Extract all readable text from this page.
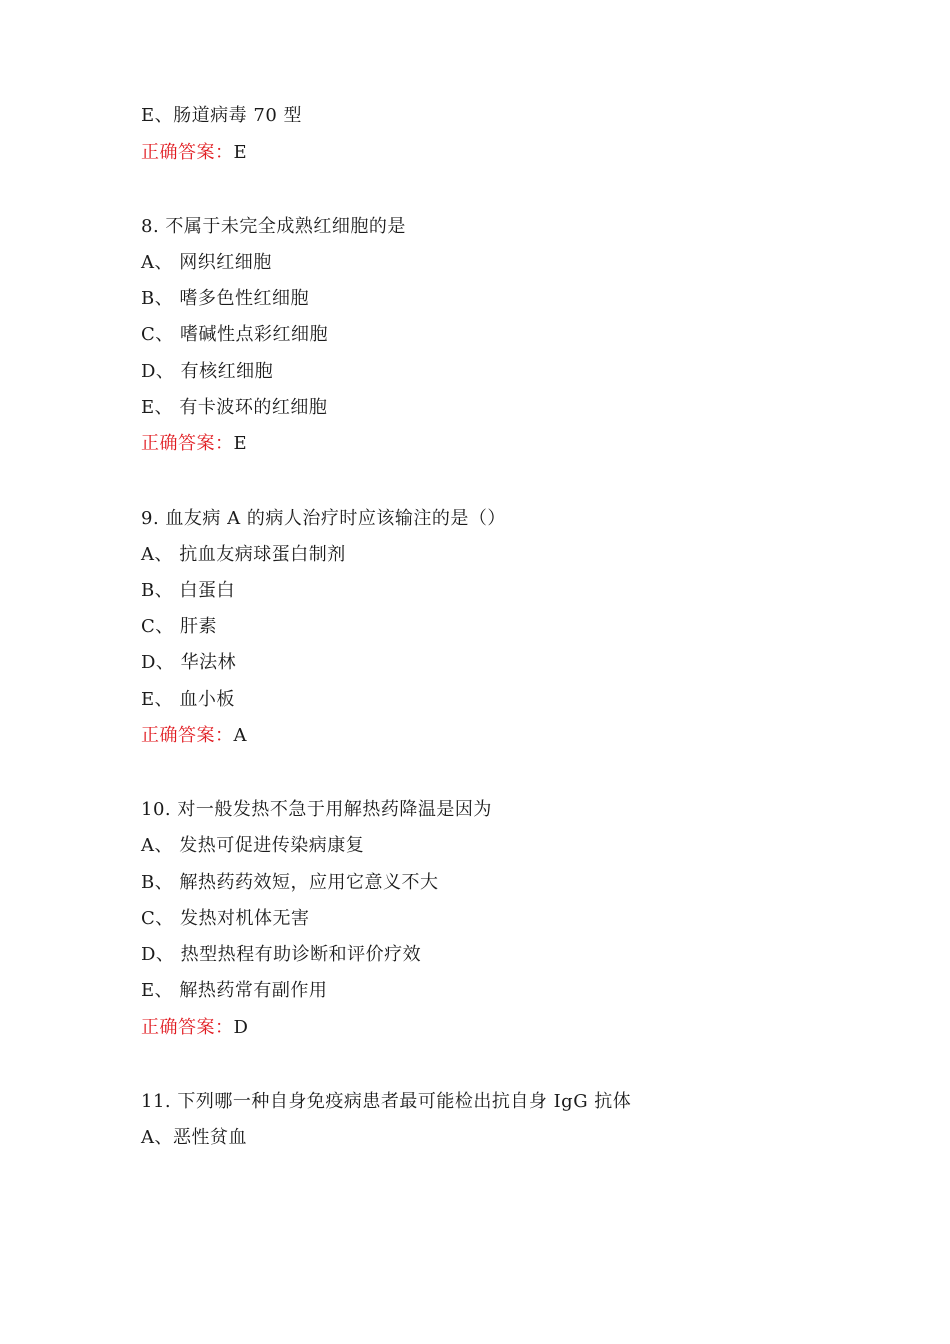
E、肠道病毒 70 型
正确答案：E
8. 不属于未完全成熟红细胞的是
A、 网织红细胞
B、 嗜多色性红细胞
C、 嗜碱性点彩红细胞
D、 有核红细胞
E、 有卡波环的红细胞
正确答案：E
9. 血友病 A 的病人治疗时应该输注的是（）
A、 抗血友病球蛋白制剂
B、 白蛋白
C、 肝素
D、 华法林
E、 血小板
正确答案：A
10. 对一般发热不急于用解热药降温是因为
A、 发热可促进传染病康复
B、 解热药药效短，应用它意义不大
C、 发热对机体无害
D、 热型热程有助诊断和评价疗效
E、 解热药常有副作用
正确答案：D
11. 下列哪一种自身免疫病患者最可能检出抗自身 IgG 抗体
A、恶性贫血
